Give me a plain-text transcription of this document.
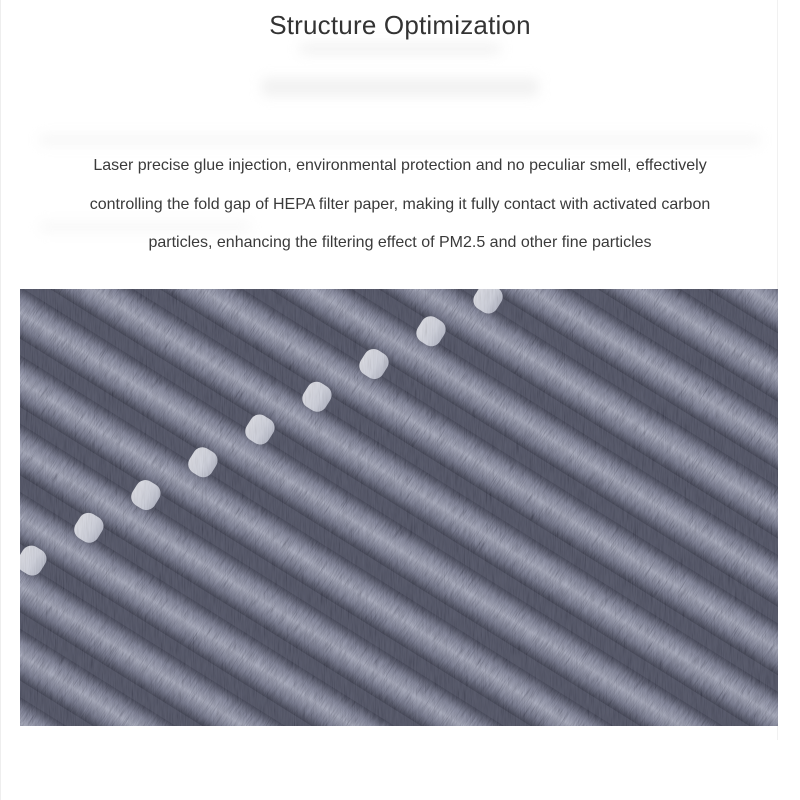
Structure Optimization
Laser precise glue injection, environmental protection and no peculiar smell, effectively
controlling the fold gap of HEPA filter paper, making it fully contact with activated carbon
particles, enhancing the filtering effect of PM2.5 and other fine particles
